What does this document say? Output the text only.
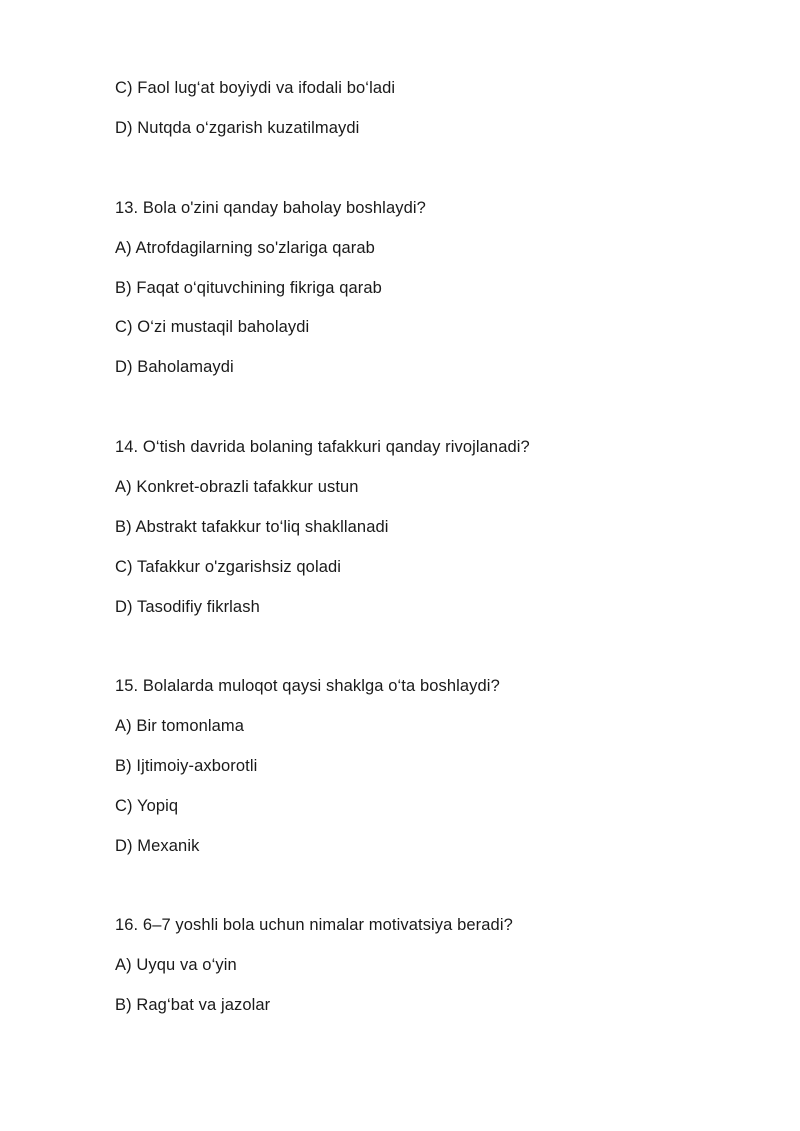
C) Faol lug‘at boyiydi va ifodali bo‘ladi
D) Nutqda o‘zgarish kuzatilmaydi
13. Bola o'zini qanday baholay boshlaydi?
A) Atrofdagilarning so'zlariga qarab
B) Faqat o‘qituvchining fikriga qarab
C) O‘zi mustaqil baholaydi
D) Baholamaydi
14. O‘tish davrida bolaning tafakkuri qanday rivojlanadi?
A) Konkret-obrazli tafakkur ustun
B) Abstrakt tafakkur to‘liq shakllanadi
C) Tafakkur o'zgarishsiz qoladi
D) Tasodifiy fikrlash
15. Bolalarda muloqot qaysi shaklga o‘ta boshlaydi?
A) Bir tomonlama
B) Ijtimoiy-axborotli
C) Yopiq
D) Mexanik
16. 6–7 yoshli bola uchun nimalar motivatsiya beradi?
A) Uyqu va o‘yin
B) Rag‘bat va jazolar
